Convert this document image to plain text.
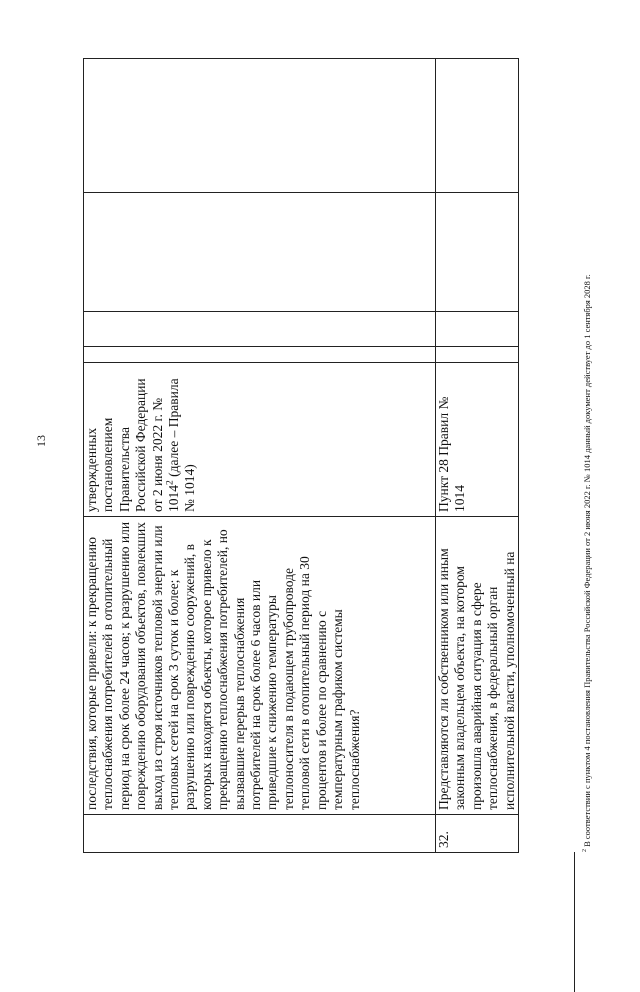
13
	последствия, которые привели: к прекращению теплоснабжения потребителей в отопительный период на срок более 24 часов; к разрушению или повреждению оборудования объектов, повлекших выход из строя источников тепловой энергии или тепловых сетей на срок 3 суток и более; к разрушению или повреждению сооружений, в которых находятся объекты, которое привело к прекращению теплоснабжения потребителей, но вызвавшие перерыв теплоснабжения потребителей на срок более 6 часов или приведшие к снижению температуры теплоносителя в подающем трубопроводе тепловой сети в отопительный период на 30 процентов и более по сравнению с температурным графиком системы теплоснабжения?	утвержденных постановлением Правительства Российской Федерации от 2 июня 2022 г. № 1014$^2$ (далее – Правила № 1014)				
32.	Представляются ли собственником или иным законным владельцем объекта, на котором произошла аварийная ситуация в сфере теплоснабжения, в федеральный орган исполнительной власти, уполномоченный на	Пункт 28 Правил № 1014				
$^2$ В соответствии с пунктом 4 постановления Правительства Российской Федерации от 2 июня 2022 г. № 1014 данный документ действует до 1 сентября 2028 г.
